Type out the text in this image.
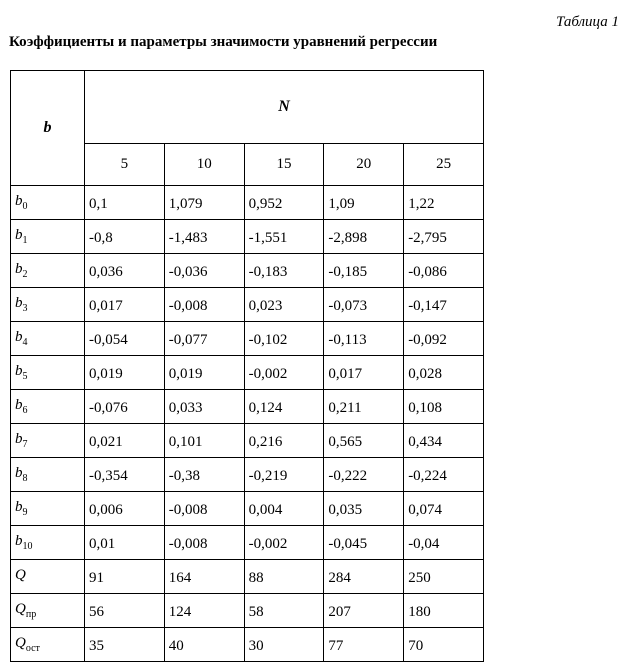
Таблица 1
Коэффициенты и параметры значимости уравнений регрессии
b	N				
	5	10	15	20	25
$b_0$	0,1	1,079	0,952	1,09	1,22
$b_1$	-0,8	-1,483	-1,551	-2,898	-2,795
$b_2$	0,036	-0,036	-0,183	-0,185	-0,086
$b_3$	0,017	-0,008	0,023	-0,073	-0,147
$b_4$	-0,054	-0,077	-0,102	-0,113	-0,092
$b_5$	0,019	0,019	-0,002	0,017	0,028
$b_6$	-0,076	0,033	0,124	0,211	0,108
$b_7$	0,021	0,101	0,216	0,565	0,434
$b_8$	-0,354	-0,38	-0,219	-0,222	-0,224
$b_9$	0,006	-0,008	0,004	0,035	0,074
$b_{10}$	0,01	-0,008	-0,002	-0,045	-0,04
Q	91	164	88	284	250
$Q_{пр}$	56	124	58	207	180
$Q_{ост}$	35	40	30	77	70
